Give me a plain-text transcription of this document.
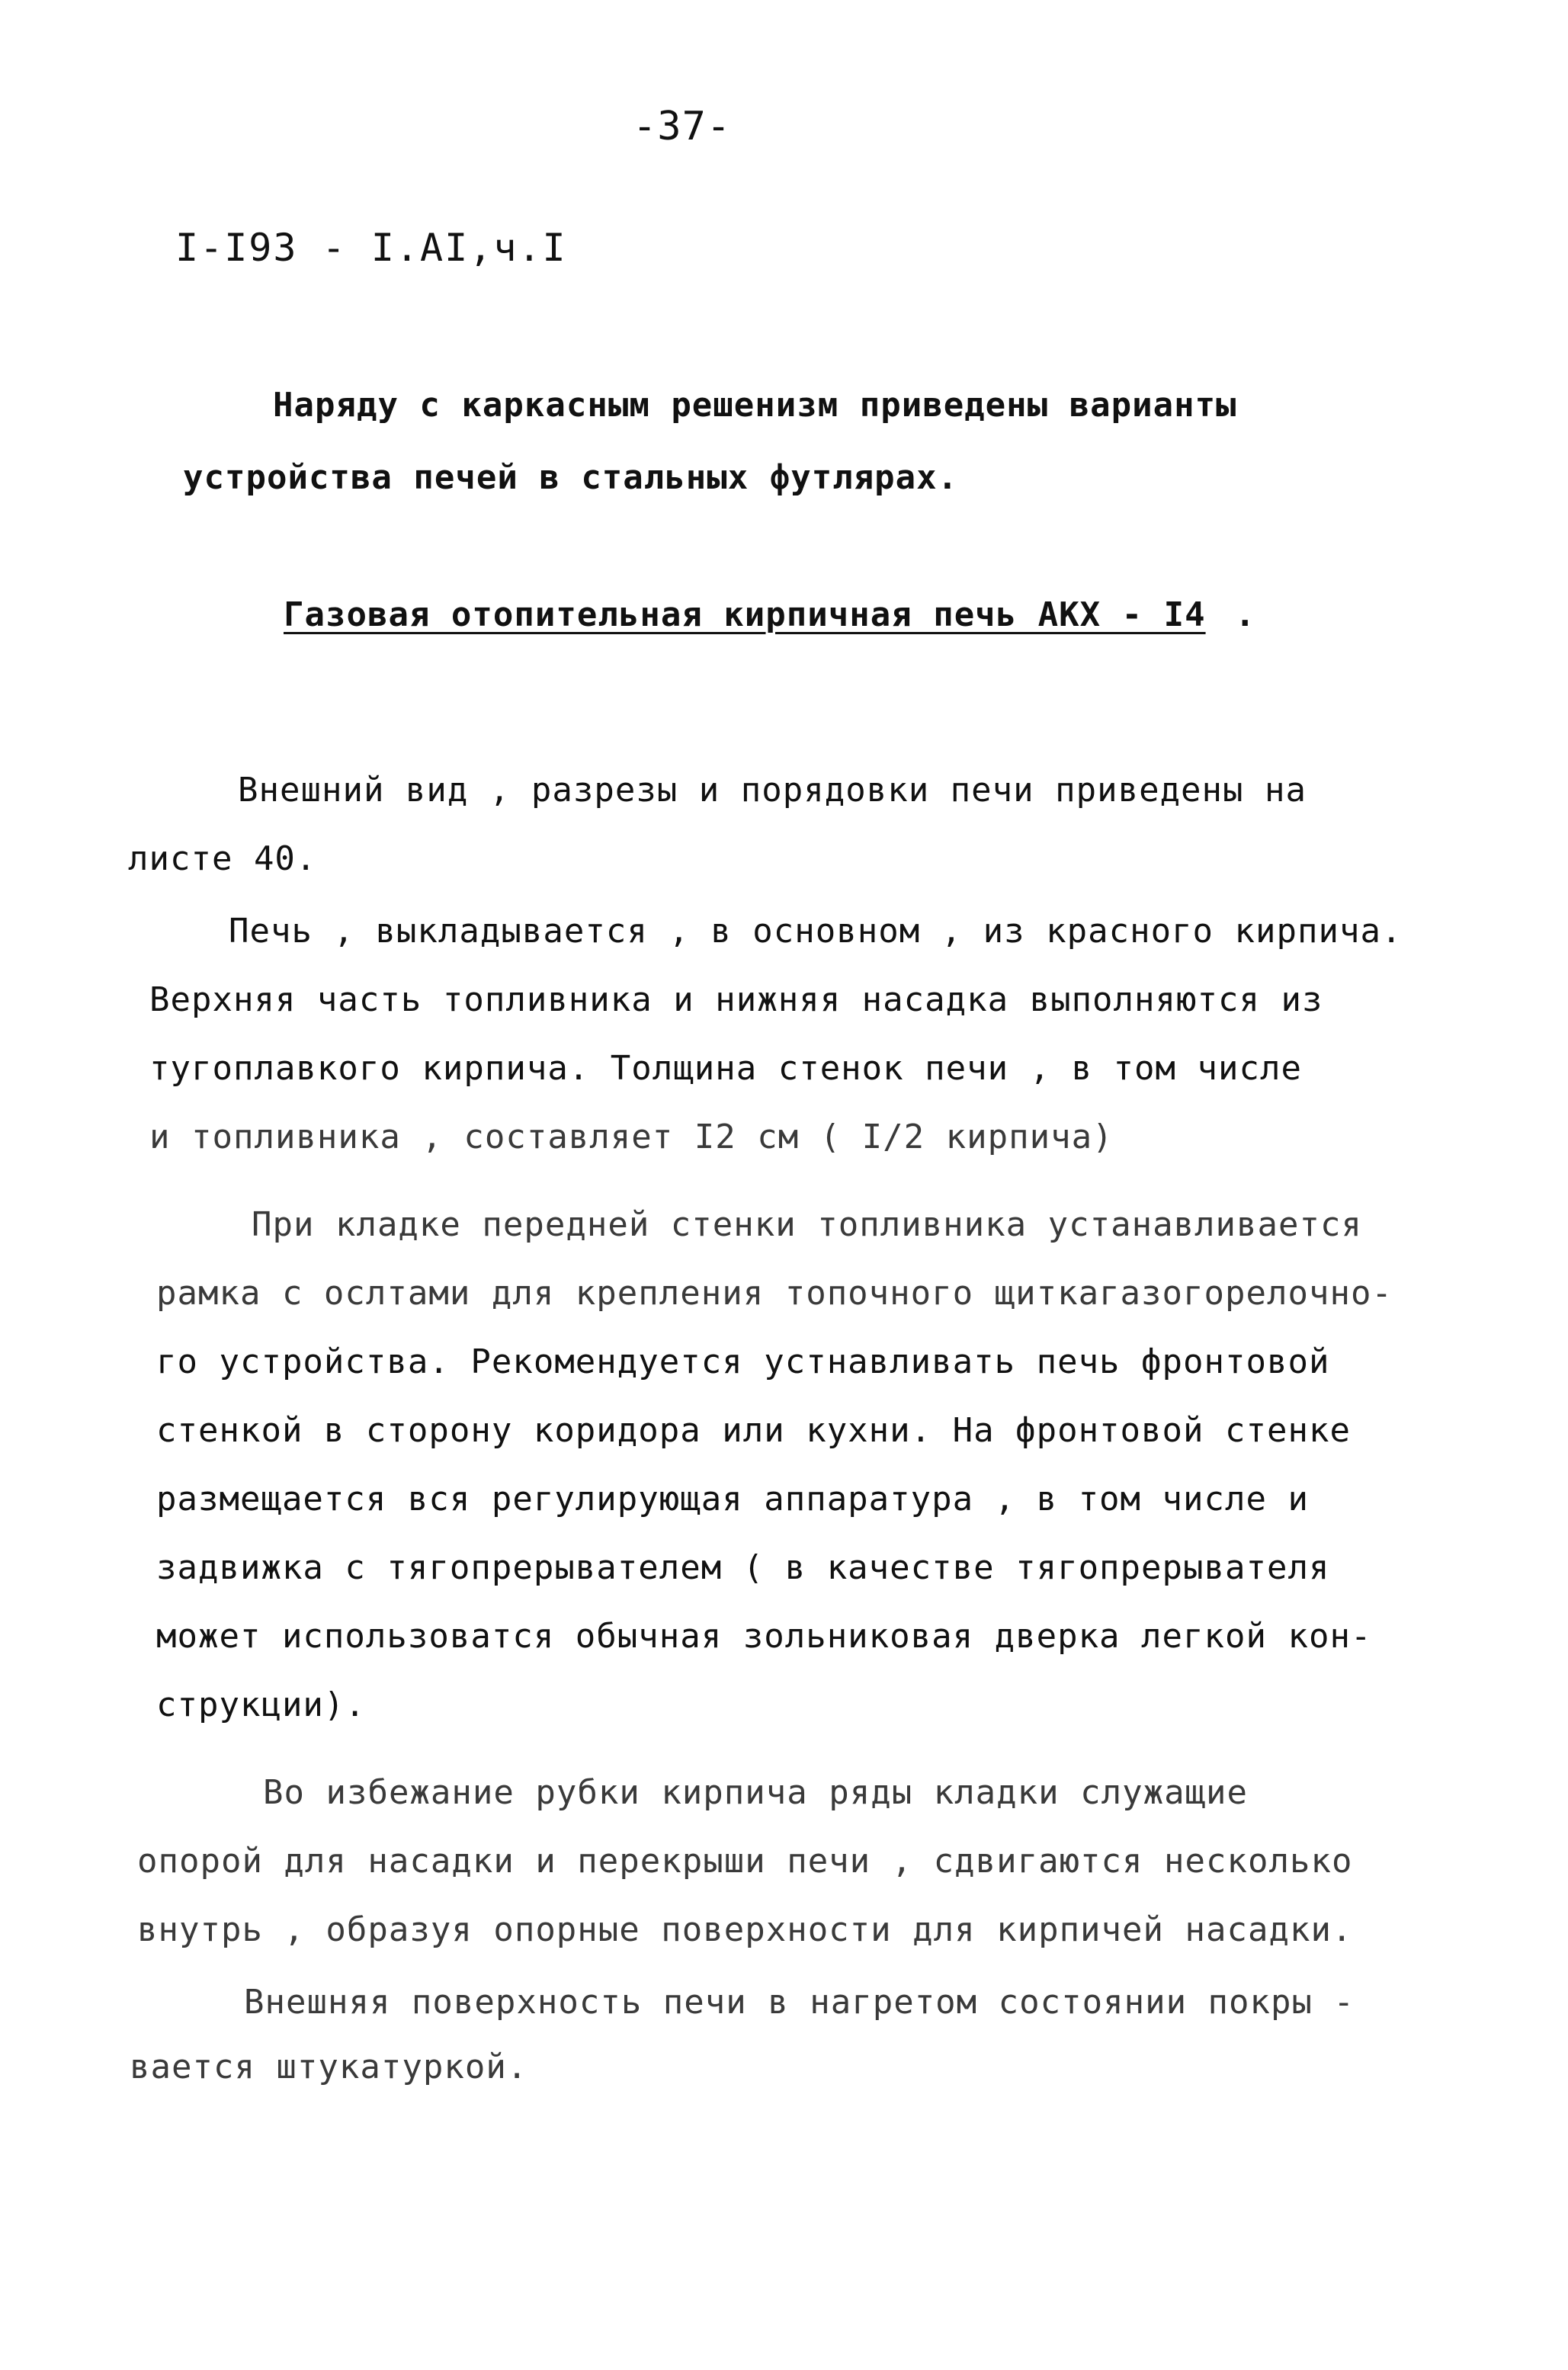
-37-
I-I93 - I.AI,ч.I
Наряду с каркасным решенизм приведены варианты
устройства печей в стальных футлярах.
Газовая отопительная кирпичная печь АКХ - I4 .
Внешний вид , разрезы и порядовки печи приведены на
листе 40.
Печь , выкладывается , в основном , из красного кирпича.
Верхняя часть топливника и нижняя насадка выполняются из
тугоплавкого кирпича. Толщина стенок печи , в том числе
и топливника , составляет I2 см ( I/2 кирпича)
При кладке передней стенки топливника устанавливается
рамка с ослтами для крепления топочного щиткагазогорелочно-
го устройства. Рекомендуется устнавливать печь фронтовой
стенкой в сторону коридора или кухни. На фронтовой стенке
размещается вся регулирующая аппаратура , в том числе и
задвижка с тягопрерывателем ( в качестве тягопрерывателя
может использоватся обычная зольниковая дверка легкой кон-
струкции).
Во избежание рубки кирпича ряды кладки служащие
опорой для насадки и перекрыши печи , сдвигаются несколько
внутрь , образуя опорные поверхности для кирпичей насадки.
Внешняя поверхность печи в нагретом состоянии покры -
вается штукатуркой.
